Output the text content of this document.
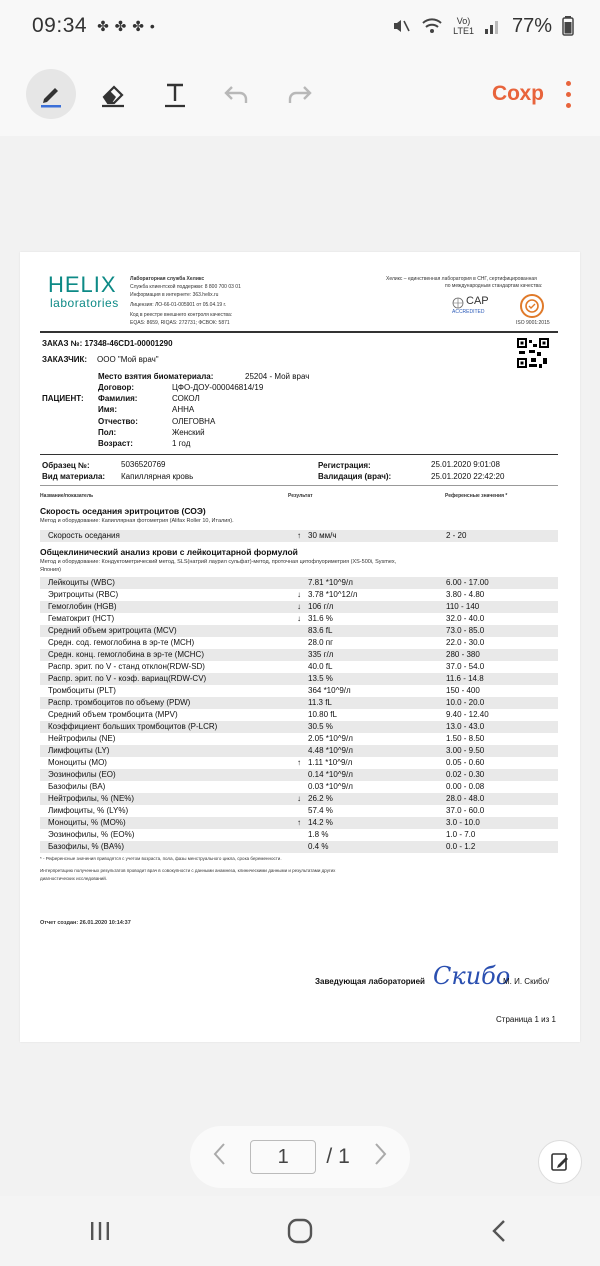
09:34 ✤ ✤ ✤ •	Vo)
LTE1 77%
Сохр
HELIX
laboratories
Лабораторная служба Хеликс
Служба клиентской поддержки: 8 800 700 03 01
Информация в интернете: 363.helix.ru
Лицензия: ЛО-66-01-005901 от 05.04.19 г.
Код в реестре внешнего контроля качества:
EQAS: 8659, RIQAS: 272731; ФСВОК: 5871
Хеликс – единственная лаборатория в СНГ, сертифицированная
по международным стандартам качества:
CAP
ACCREDITED
ISO 9001:2015
ЗАКАЗ №: 17348-46CD1-00001290
ЗАКАЗЧИК: ООО "Мой врач"
ПАЦИЕНТ:
Место взятия биоматериала:	25204 - Мой врач
Договор:	ЦФО-ДОУ-000046814/19
Фамилия:	СОКОЛ
Имя:	АННА
Отчество:	ОЛЕГОВНА
Пол:	Женский
Возраст:	1 год
Образец №:	5036520769
Вид материала: Капиллярная кровь
Регистрация:	25.01.2020 9:01:08
Валидация (врач):	25.01.2020 22:42:20
Название/показатель	Результат	Референсные значения *
Скорость оседания эритроцитов (СОЭ)
Метод и оборудование: Капиллярная фотометрия (Alifax Roller 10, Италия).
Скорость оседания	↑ 30 мм/ч	2 - 20
Общеклинический анализ крови с лейкоцитарной формулой
Метод и оборудование: Кондуктометрический метод, SLS(натрий лаурил сульфат)-метод, проточная цитофлуориметрия (XS-500i, Sysmex,
Япония)
Лейкоциты (WBC)	7.81 *10^9/л	6.00 - 17.00
Эритроциты (RBC)	↓ 3.78 *10^12/л	3.80 - 4.80
Гемоглобин (HGB)	↓ 106 г/л	110 - 140
Гематокрит (HCT)	↓ 31.6 %	32.0 - 40.0
Средний объем эритроцита (MCV)	83.6 fL	73.0 - 85.0
Средн. сод. гемоглобина в эр-те (MCH)	28.0 пг	22.0 - 30.0
Средн. конц. гемоглобина в эр-те (MCHC)	335 г/л	280 - 380
Распр. эрит. по V - станд отклон(RDW-SD)	40.0 fL	37.0 - 54.0
Распр. эрит. по V - коэф. вариац(RDW-CV)	13.5 %	11.6 - 14.8
Тромбоциты (PLT)	364 *10^9/л	150 - 400
Распр. тромбоцитов по объему (PDW)	11.3 fL	10.0 - 20.0
Средний объем тромбоцита (MPV)	10.80 fL	9.40 - 12.40
Коэффициент больших тромбоцитов (P-LCR)	30.5 %	13.0 - 43.0
Нейтрофилы (NE)	2.05 *10^9/л	1.50 - 8.50
Лимфоциты (LY)	4.48 *10^9/л	3.00 - 9.50
Моноциты (MO)	↑ 1.11 *10^9/л	0.05 - 0.60
Эозинофилы (EO)	0.14 *10^9/л	0.02 - 0.30
Базофилы (BA)	0.03 *10^9/л	0.00 - 0.08
Нейтрофилы, % (NE%)	↓ 26.2 %	28.0 - 48.0
Лимфоциты, % (LY%)	57.4 %	37.0 - 60.0
Моноциты, % (MO%)	↑ 14.2 %	3.0 - 10.0
Эозинофилы, % (EO%)	1.8 %	1.0 - 7.0
Базофилы, % (BA%)	0.4 %	0.0 - 1.2
* - Референсные значения приводятся с учетом возраста, пола, фазы менструального цикла, срока беременности.
Интерпретацию полученных результатов проводит врач в совокупности с данными анамнеза, клиническими данными и результатами других
диагностических исследований.
Отчет создан: 26.01.2020 10:14:37
Заведующая лабораторией Скибо
М. И. Скибо/
Страница 1 из 1
1	/ 1
